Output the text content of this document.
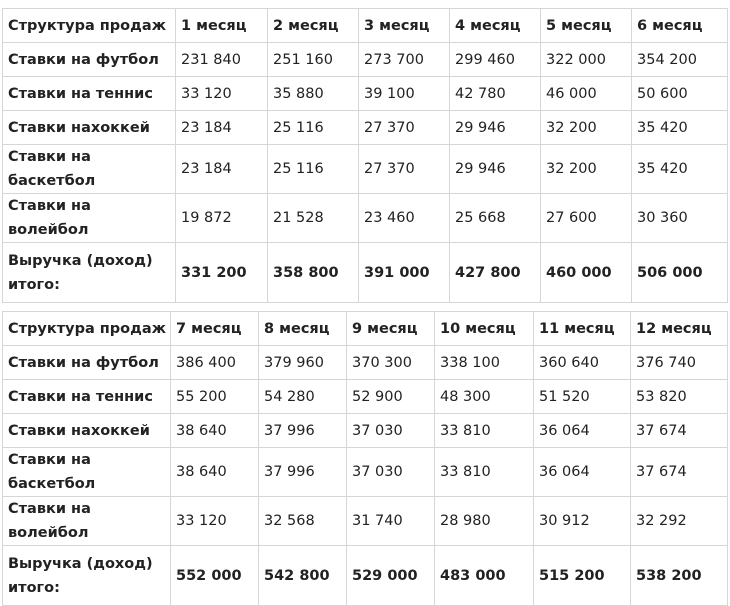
Структура продаж	1 месяц	2 месяц	3 месяц	4 месяц	5 месяц	6 месяц
Ставки на футбол	231 840	251 160	273 700	299 460	322 000	354 200
Ставки на теннис	33 120	35 880	39 100	42 780	46 000	50 600
Ставки нахоккей	23 184	25 116	27 370	29 946	32 200	35 420
Ставки на баскетбол	23 184	25 116	27 370	29 946	32 200	35 420
Ставки на волейбол	19 872	21 528	23 460	25 668	27 600	30 360
Выручка (доход) итого:	331 200	358 800	391 000	427 800	460 000	506 000
Структура продаж	7 месяц	8 месяц	9 месяц	10 месяц	11 месяц	12 месяц
Ставки на футбол	386 400	379 960	370 300	338 100	360 640	376 740
Ставки на теннис	55 200	54 280	52 900	48 300	51 520	53 820
Ставки нахоккей	38 640	37 996	37 030	33 810	36 064	37 674
Ставки на баскетбол	38 640	37 996	37 030	33 810	36 064	37 674
Ставки на волейбол	33 120	32 568	31 740	28 980	30 912	32 292
Выручка (доход) итого:	552 000	542 800	529 000	483 000	515 200	538 200
